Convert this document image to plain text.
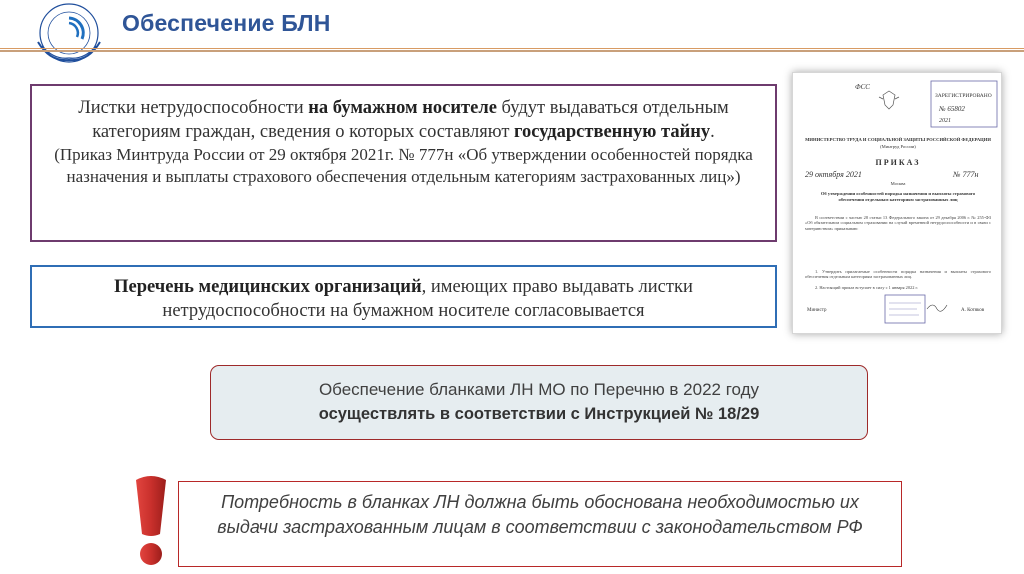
Обеспечение БЛН
Листки нетрудоспособности на бумажном носителе будут выдаваться отдельным категориям граждан, сведения о которых составляют государственную тайну.
(Приказ Минтруда России от 29 октября 2021г. № 777н «Об утверждении особенностей порядка назначения и выплаты страхового обеспечения отдельным категориям застрахованных лиц»)
Перечень медицинских организаций, имеющих право выдавать листки нетрудоспособности на бумажном носителе согласовывается
Обеспечение бланками ЛН МО по Перечню в 2022 году
осуществлять в соответствии с Инструкцией № 18/29
Потребность в бланках ЛН должна быть обоснована необходимостью их выдачи застрахованным лицам в соответствии с законодательством РФ
ФСС
ЗАРЕГИСТРИРОВАНО
№ 65802
2021
МИНИСТЕРСТВО ТРУДА И СОЦИАЛЬНОЙ ЗАЩИТЫ РОССИЙСКОЙ ФЕДЕРАЦИИ
(Минтруд России)
ПРИКАЗ
29 октября 2021	№ 777н
Москва
Об утверждении особенностей порядка назначения и выплаты страхового обеспечения отдельным категориям застрахованных лиц
В соответствии с частью 28 статьи 13 Федерального закона от 29 декабря 2006 г. № 255-ФЗ «Об обязательном социальном страховании на случай временной нетрудоспособности и в связи с материнством» приказываю:
1. Утвердить прилагаемые особенности порядка назначения и выплаты страхового обеспечения отдельным категориям застрахованных лиц.
2. Настоящий приказ вступает в силу с 1 января 2022 г.
Министр	А. Котяков
